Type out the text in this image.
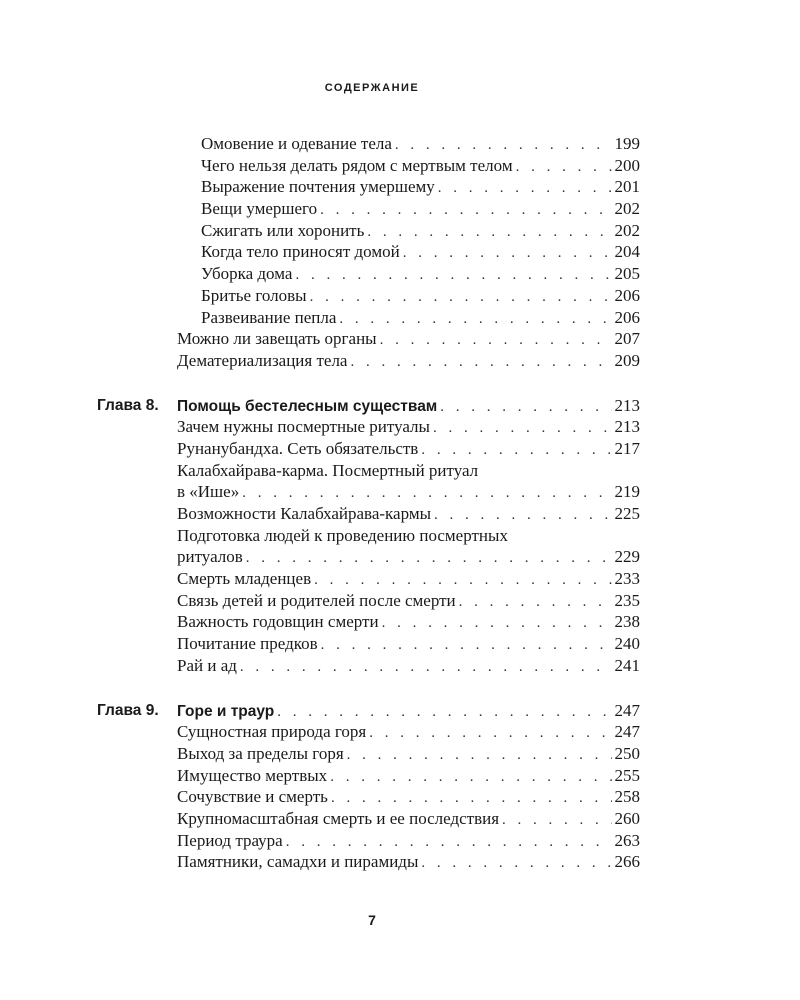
СОДЕРЖАНИЕ
Омовение и одевание тела . . .	199
Чего нельзя делать рядом с мертвым телом . . .	200
Выражение почтения умершему . . .	201
Вещи умершего . . .	202
Сжигать или хоронить . . .	202
Когда тело приносят домой . . .	204
Уборка дома . . .	205
Бритье головы . . .	206
Развеивание пепла . . .	206
Можно ли завещать органы . . .	207
Дематериализация тела . . .	209
Глава 8. Помощь бестелесным существам . . .	213
Зачем нужны посмертные ритуалы . . .	213
Рунанубандха. Сеть обязательств . . .	217
Калабхайрава-карма. Посмертный ритуал
в «Ише» . . .	219
Возможности Калабхайрава-кармы . . .	225
Подготовка людей к проведению посмертных
ритуалов . . .	229
Смерть младенцев . . .	233
Связь детей и родителей после смерти . . .	235
Важность годовщин смерти . . .	238
Почитание предков . . .	240
Рай и ад . . .	241
Глава 9. Горе и траур . . .	247
Сущностная природа горя . . .	247
Выход за пределы горя . . .	250
Имущество мертвых . . .	255
Сочувствие и смерть . . .	258
Крупномасштабная смерть и ее последствия . . .	260
Период траура . . .	263
Памятники, самадхи и пирамиды . . .	266
7
